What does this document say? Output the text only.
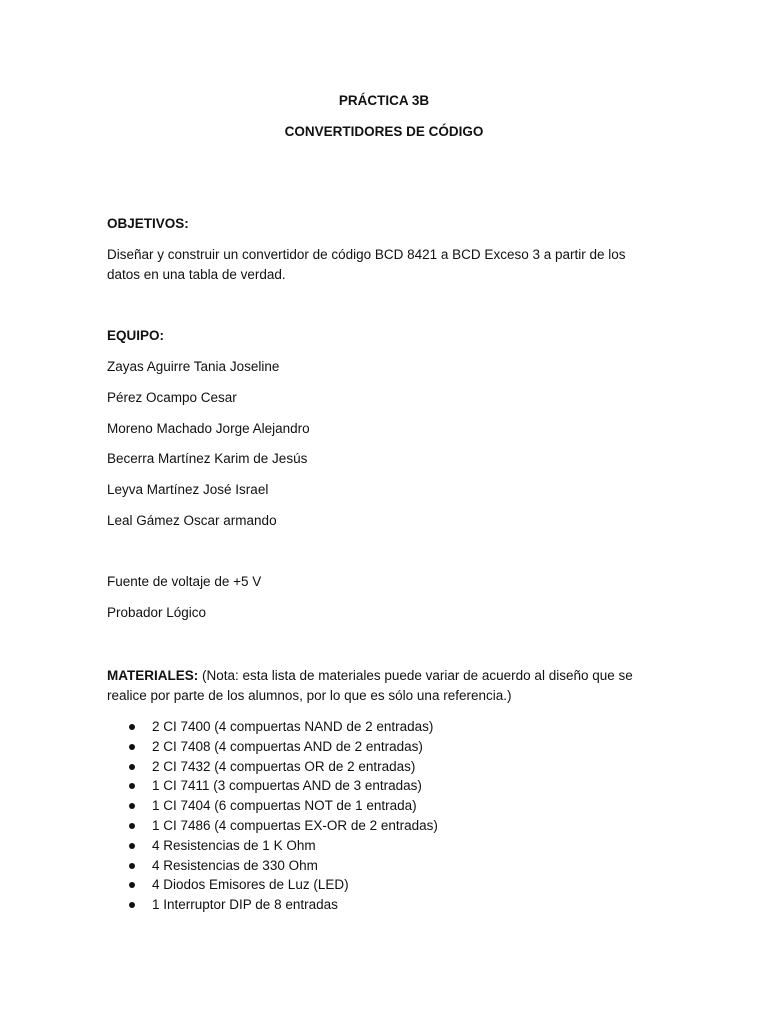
PRÁCTICA 3B
CONVERTIDORES DE CÓDIGO
OBJETIVOS:
Diseñar y construir un convertidor de código BCD 8421 a BCD Exceso 3 a partir de los datos en una tabla de verdad.
EQUIPO:
Zayas Aguirre Tania Joseline
Pérez Ocampo Cesar
Moreno Machado Jorge Alejandro
Becerra Martínez Karim de Jesús
Leyva Martínez José Israel
Leal Gámez Oscar armando
Fuente de voltaje de +5 V
Probador Lógico
MATERIALES: (Nota: esta lista de materiales puede variar de acuerdo al diseño que se realice por parte de los alumnos, por lo que es sólo una referencia.)
2 CI 7400 (4 compuertas NAND de 2 entradas)
2 CI 7408 (4 compuertas AND de 2 entradas)
2 CI 7432 (4 compuertas OR de 2 entradas)
1 CI 7411 (3 compuertas AND de 3 entradas)
1 CI 7404 (6 compuertas NOT de 1 entrada)
1 CI 7486 (4 compuertas EX-OR de 2 entradas)
4 Resistencias de 1 K Ohm
4 Resistencias de 330 Ohm
4 Diodos Emisores de Luz (LED)
1 Interruptor DIP de 8 entradas
